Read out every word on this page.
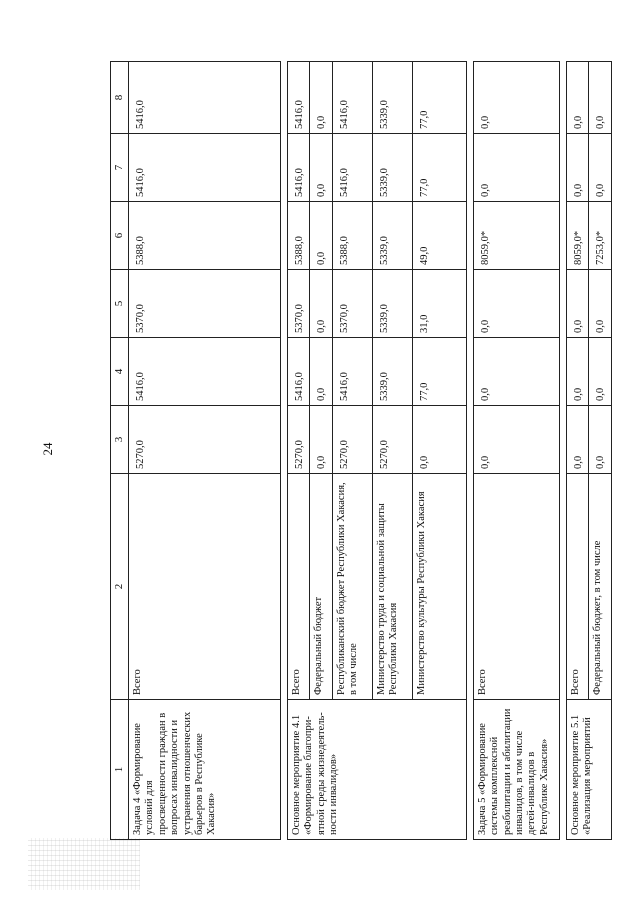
24
1	2	3	4	5	6	7	8
Задача 4 «Формирование условий для просвещенности граждан в вопросах инвалидности и устранения отношенческих барьеров в Республике Хакасия»	Всего	5270,0	5416,0	5370,0	5388,0	5416,0	5416,0

Основное мероприятие 4.1 «Формирование благопри-ятной среды жизнедеятель-ности инвалидов»	Всего	5270,0	5416,0	5370,0	5388,0	5416,0	5416,0
	Федеральный бюджет	0,0	0,0	0,0	0,0	0,0	0,0
	Республиканский бюджет Республики Хакасия, в том числе	5270,0	5416,0	5370,0	5388,0	5416,0	5416,0
	Министерство труда и социальной защиты Республики Хакасия	5270,0	5339,0	5339,0	5339,0	5339,0	5339,0
	Министерство культуры Республики Хакасия	0,0	77,0	31,0	49,0	77,0	77,0

Задача 5 «Формирование системы комплексной реабилитации и абилитации инвалидов, в том числе детей-инвалидов в Республике Хакасия»	Всего	0,0	0,0	0,0	8059,0*	0,0	0,0

Основное мероприятие 5.1 «Реализация мероприятий	Всего	0,0	0,0	0,0	8059,0*	0,0	0,0
	Федеральный бюджет, в том числе	0,0	0,0	0,0	7253,0*	0,0	0,0
